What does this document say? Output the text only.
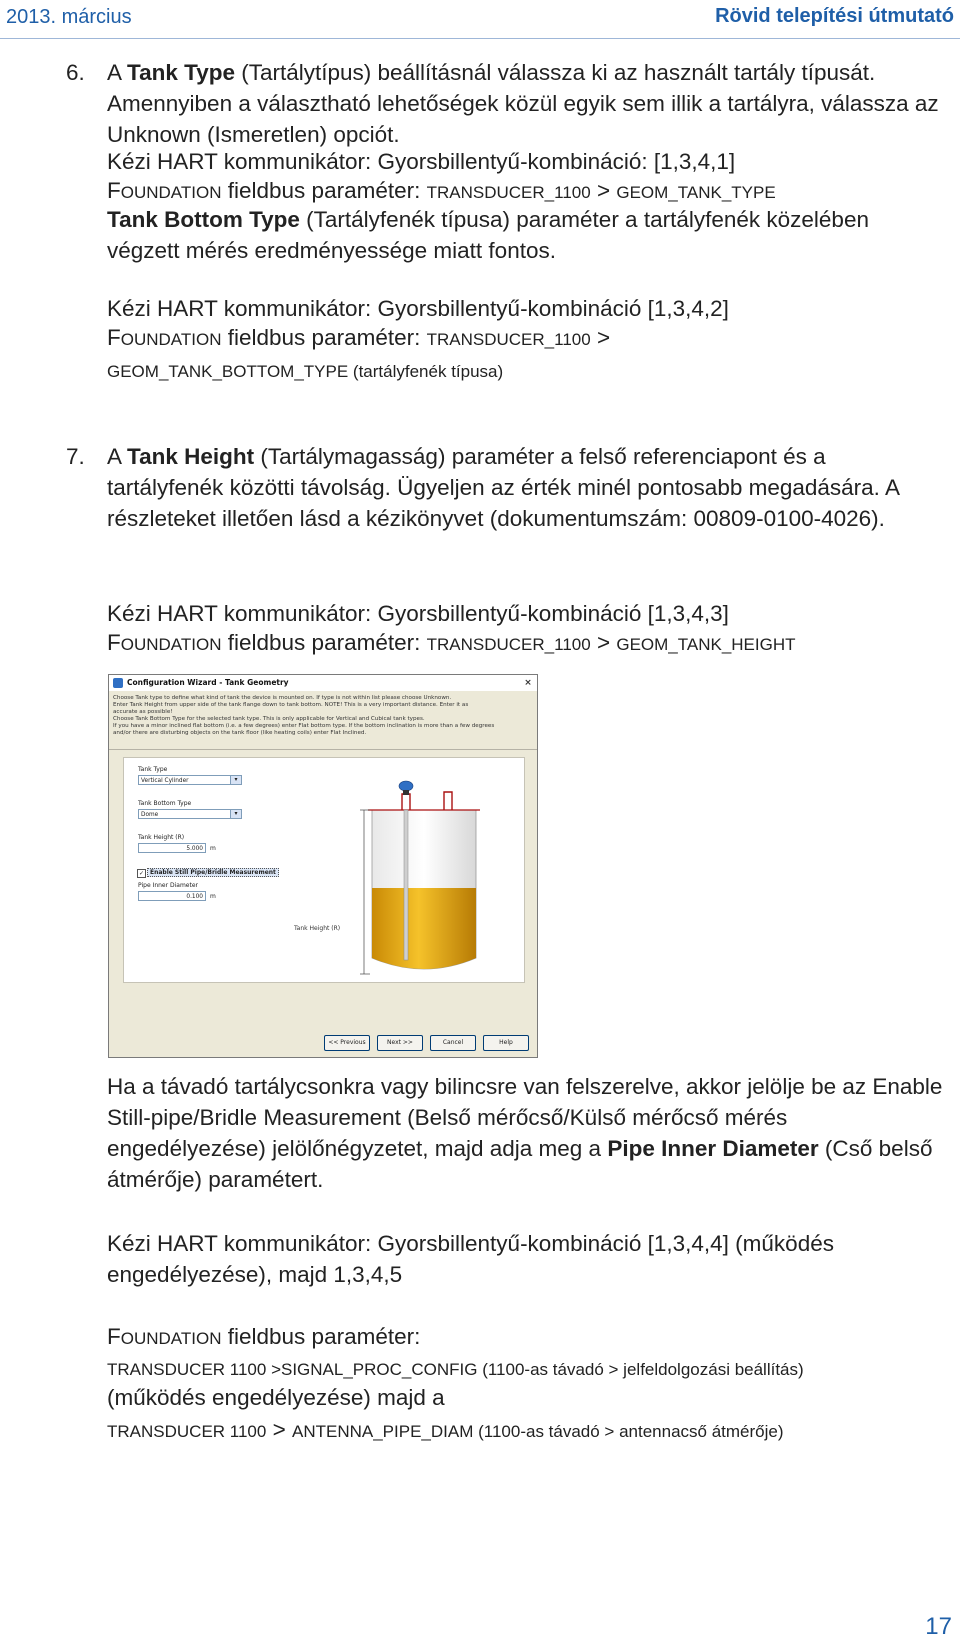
2013. március	Rövid telepítési útmutató
6. A Tank Type (Tartálytípus) beállításnál válassza ki az használt tartály típusát. Amennyiben a választható lehetőségek közül egyik sem illik a tartályra, válassza az Unknown (Ismeretlen) opciót.
Kézi HART kommunikátor: Gyorsbillentyű-kombináció: [1,3,4,1]
FOUNDATION fieldbus paraméter: TRANSDUCER_1100 > GEOM_TANK_TYPE
Tank Bottom Type (Tartályfenék típusa) paraméter a tartályfenék közelében végzett mérés eredményessége miatt fontos.
Kézi HART kommunikátor: Gyorsbillentyű-kombináció [1,3,4,2]
FOUNDATION fieldbus paraméter: TRANSDUCER_1100 >
GEOM_TANK_BOTTOM_TYPE (tartályfenék típusa)
7. A Tank Height (Tartálymagasság) paraméter a felső referenciapont és a tartályfenék közötti távolság. Ügyeljen az érték minél pontosabb megadására. A részleteket illetően lásd a kézikönyvet (dokumentumszám: 00809-0100-4026).
Kézi HART kommunikátor: Gyorsbillentyű-kombináció [1,3,4,3]
FOUNDATION fieldbus paraméter: TRANSDUCER_1100 > GEOM_TANK_HEIGHT
Configuration Wizard - Tank Geometry	×
Choose Tank type to define what kind of tank the device is mounted on. If type is not within list please choose Unknown.
Enter Tank Height from upper side of the tank flange down to tank bottom. NOTE! This is a very important distance. Enter it as
accurate as possible!
Choose Tank Bottom Type for the selected tank type. This is only applicable for Vertical and Cubical tank types.
If you have a minor inclined flat bottom (i.e. a few degrees) enter Flat bottom type. If the bottom inclination is more than a few degrees
and/or there are disturbing objects on the tank floor (like heating coils) enter Flat Inclined.
Tank Type
Vertical Cylinder	▾
Tank Bottom Type
Dome	▾
Tank Height (R)
5.000	m
✓ Enable Still Pipe/Bridle Measurement
Pipe Inner Diameter
0.100	m
Tank Height (R)
<< Previous	Next >>	Cancel	Help
Ha a távadó tartálycsonkra vagy bilincsre van felszerelve, akkor jelölje be az Enable Still-pipe/Bridle Measurement (Belső mérőcső/Külső mérőcső mérés engedélyezése) jelölőnégyzetet, majd adja meg a Pipe Inner Diameter (Cső belső átmérője) paramétert.
Kézi HART kommunikátor: Gyorsbillentyű-kombináció [1,3,4,4] (működés engedélyezése), majd 1,3,4,5
FOUNDATION fieldbus paraméter:
TRANSDUCER 1100 >SIGNAL_PROC_CONFIG (1100-as távadó > jelfeldolgozási beállítás)
(működés engedélyezése) majd a
TRANSDUCER 1100 > ANTENNA_PIPE_DIAM (1100-as távadó > antennacső átmérője)
17
